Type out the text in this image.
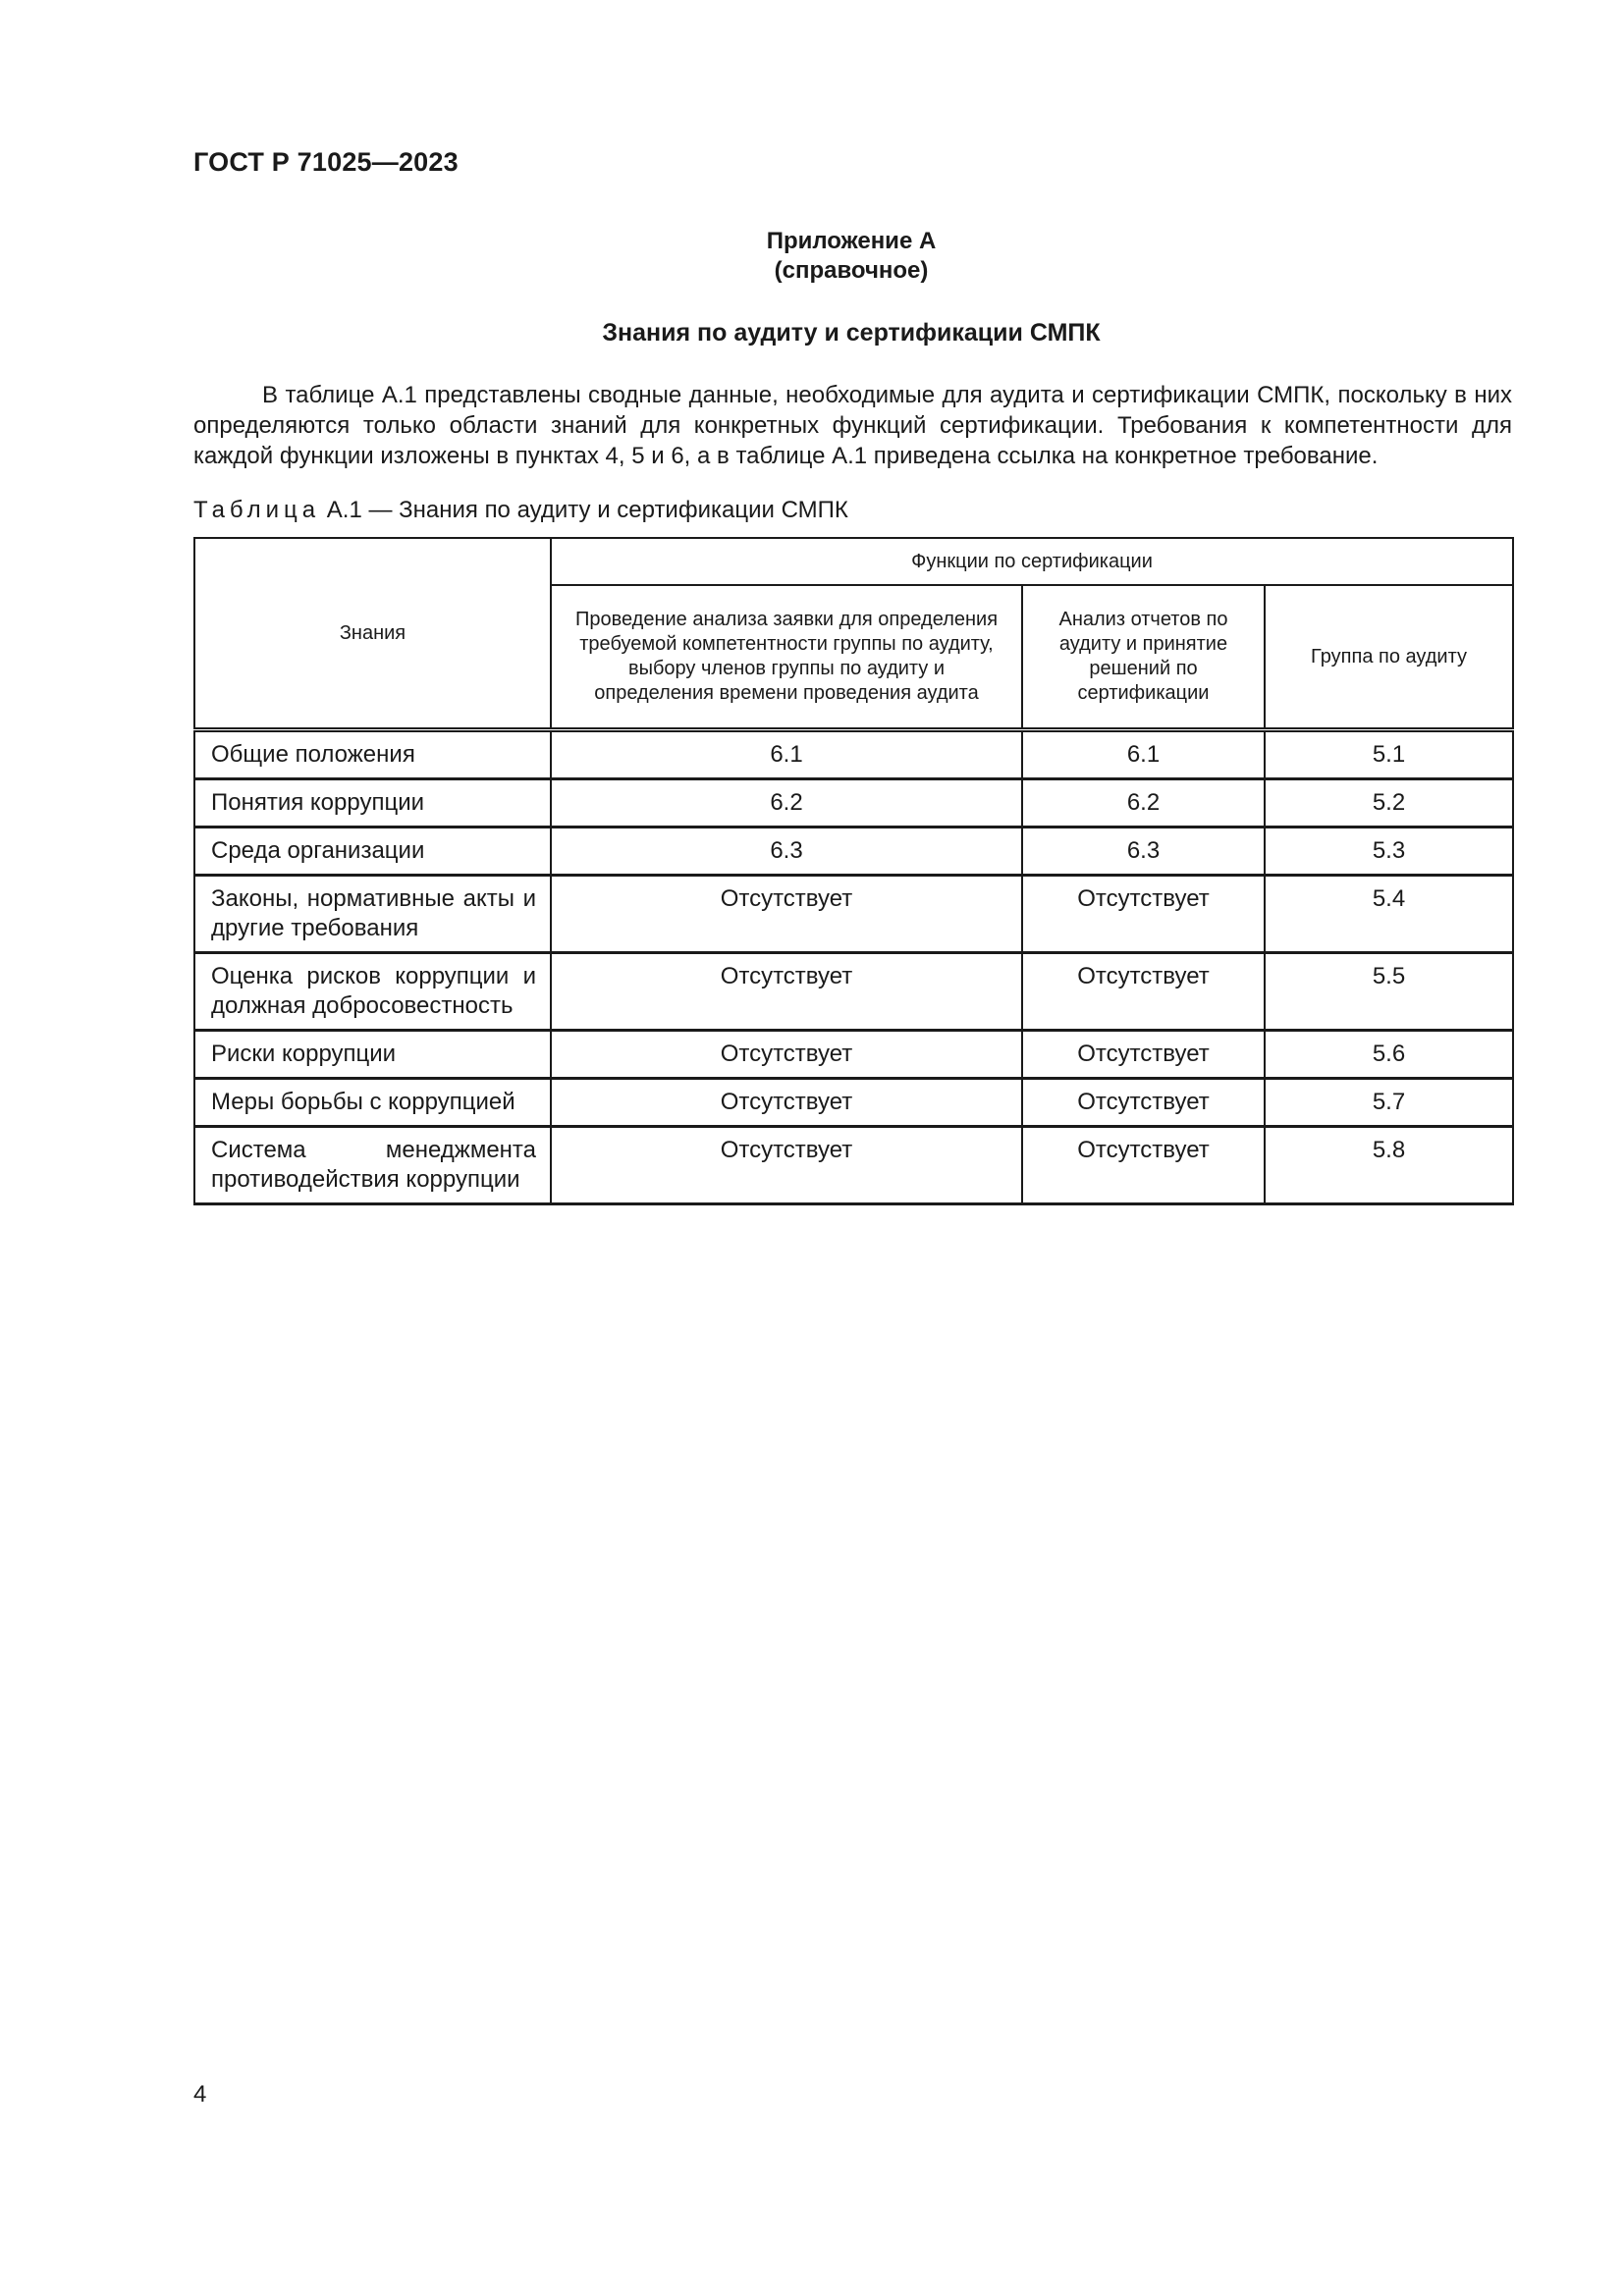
ГОСТ Р 71025—2023
Приложение А
(справочное)
Знания по аудиту и сертификации СМПК

В таблице А.1 представлены сводные данные, необходимые для аудита и сертификации СМПК, поскольку в них определяются только области знаний для конкретных функций сертификации. Требования к компетентности для каждой функции изложены в пунктах 4, 5 и 6, а в таблице А.1 приведена ссылка на конкретное требование.

Таблица А.1 — Знания по аудиту и сертификации СМПК
Знания	Функции по сертификации		
	Проведение анализа заявки для определения требуемой компетентности группы по аудиту, выбору членов группы по аудиту и определения времени проведения аудита	Анализ отчетов по аудиту и принятие решений по сертификации	Группа по аудиту
Общие положения	6.1	6.1	5.1
Понятия коррупции	6.2	6.2	5.2
Среда организации	6.3	6.3	5.3
Законы, нормативные акты и другие требования	Отсутствует	Отсутствует	5.4
Оценка рисков коррупции и должная добросовестность	Отсутствует	Отсутствует	5.5
Риски коррупции	Отсутствует	Отсутствует	5.6
Меры борьбы с коррупцией	Отсутствует	Отсутствует	5.7
Система менеджмента противодействия коррупции	Отсутствует	Отсутствует	5.8
4
